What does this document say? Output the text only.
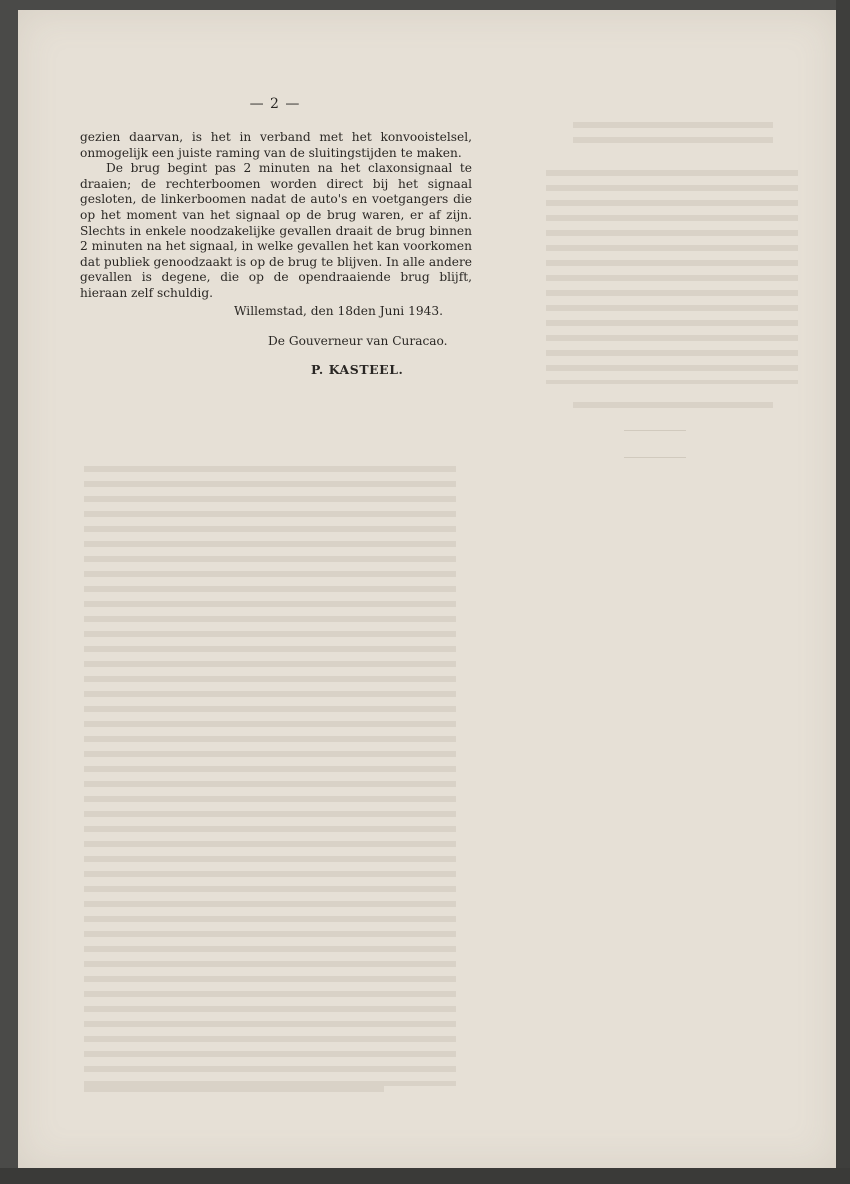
— 2 —

gezien daarvan, is het in verband met het konvooistelsel, onmogelijk een juiste raming van de sluitingstijden te maken.

De brug begint pas 2 minuten na het claxonsignaal te draaien; de rechterboomen worden direct bij het signaal gesloten, de linkerboomen nadat de auto's en voetgangers die op het moment van het signaal op de brug waren, er af zijn. Slechts in enkele noodzakelijke gevallen draait de brug binnen 2 minuten na het signaal, in welke gevallen het kan voorkomen dat publiek genoodzaakt is op de brug te blijven. In alle andere gevallen is degene, die op de opendraaiende brug blijft, hieraan zelf schuldig.

Willemstad, den 18den Juni 1943.
De Gouverneur van Curacao.
P. KASTEEL.
